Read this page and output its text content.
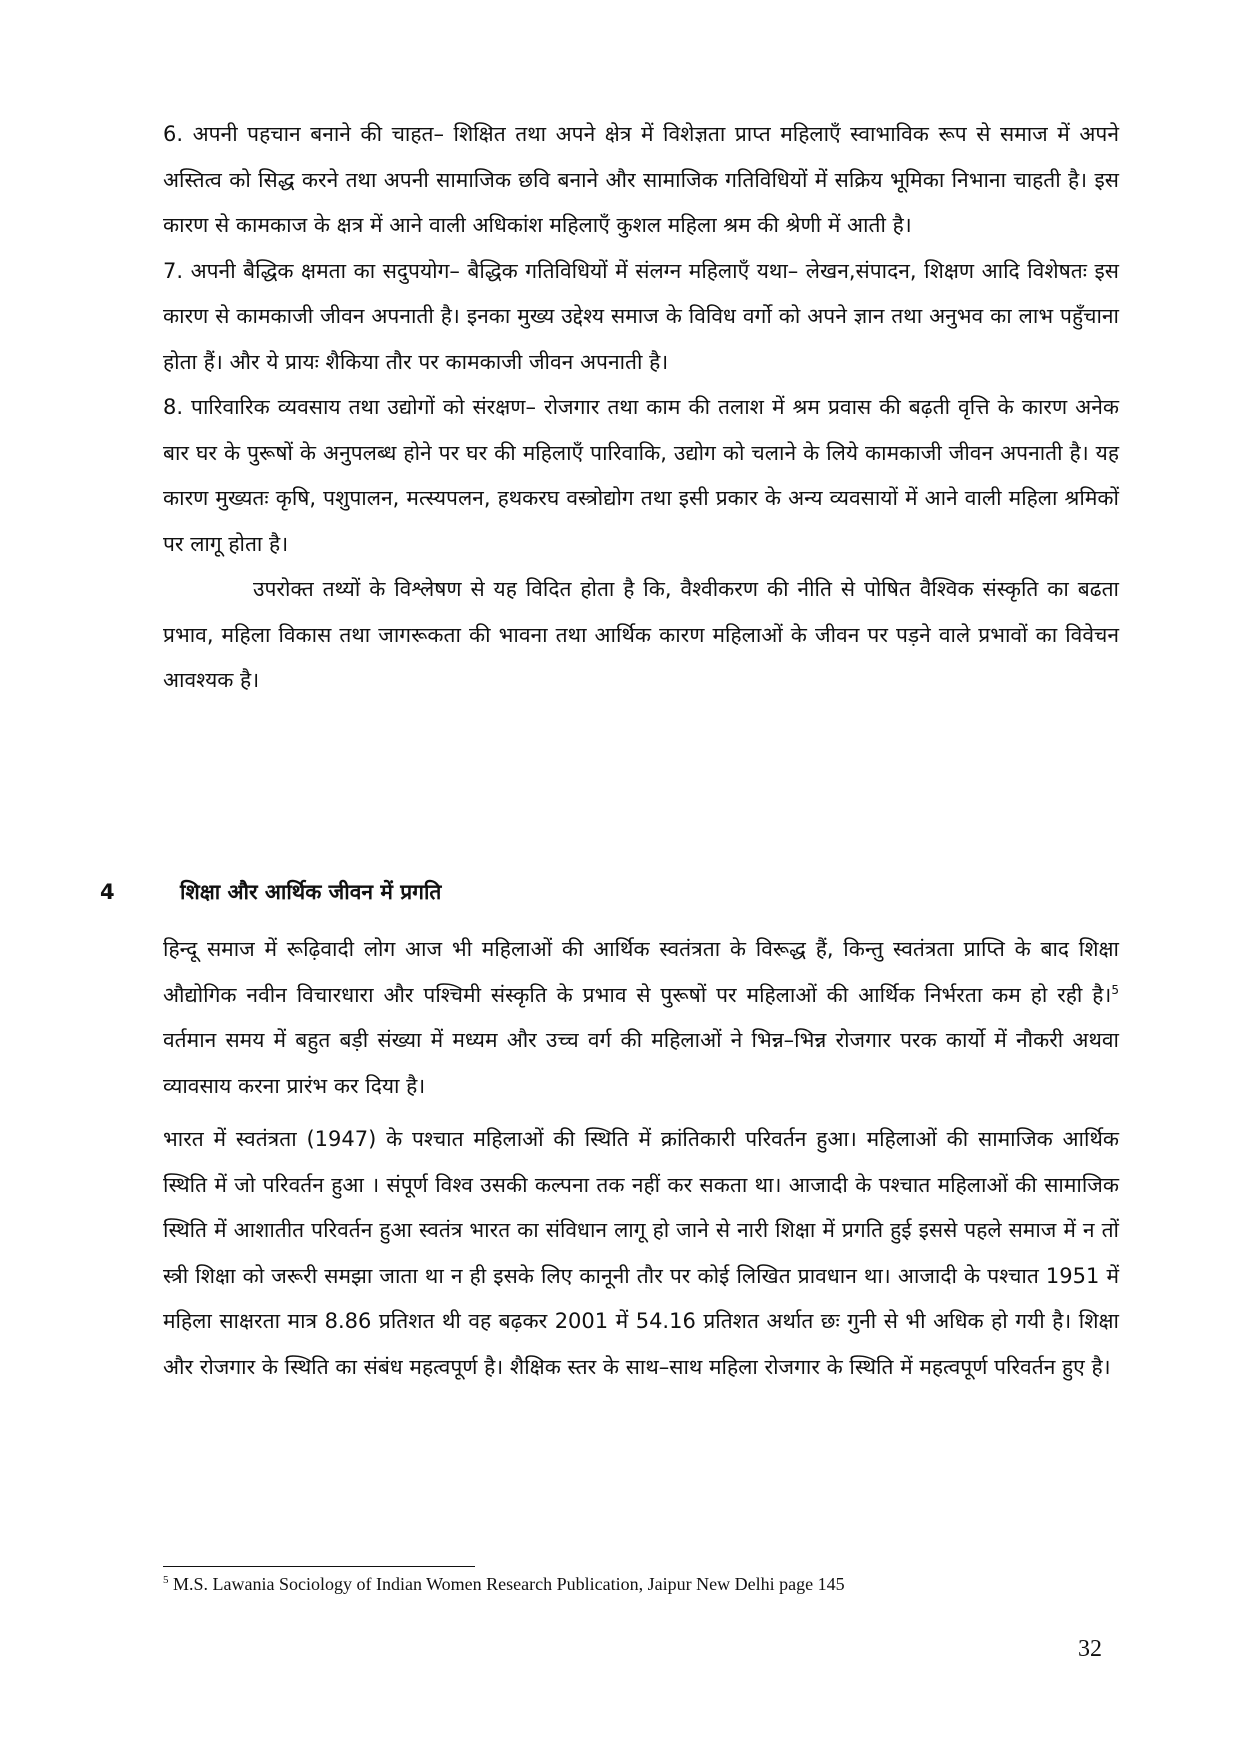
6. अपनी पहचान बनाने की चाहत– शिक्षित तथा अपने क्षेत्र में विशेज्ञता प्राप्त महिलाऍं स्वाभाविक रूप से समाज में अपने अस्तित्व को सिद्ध करने तथा अपनी सामाजिक छवि बनाने और सामाजिक गतिविधियों में सक्रिय भूमिका निभाना चाहती है। इस कारण से कामकाज के क्षत्र में आने वाली अधिकांश महिलाऍं कुशल महिला श्रम की श्रेणी में आती है।

7. अपनी बैद्धिक क्षमता का सदुपयोग– बैद्धिक गतिविधियों में संलग्न महिलाऍं यथा– लेखन,संपादन, शिक्षण आदि विशेषतः इस कारण से कामकाजी जीवन अपनाती है। इनका मुख्य उद्देश्य समाज के विविध वर्गो को अपने ज्ञान तथा अनुभव का लाभ पहुॅंचाना होता हैं। और ये प्रायः शैकिया तौर पर कामकाजी जीवन अपनाती है।

8. पारिवारिक व्यवसाय तथा उद्योगों को संरक्षण– रोजगार तथा काम की तलाश में श्रम प्रवास की बढ़ती वृत्ति के कारण अनेक बार घर के पुरूषों के अनुपलब्ध होने पर घर की महिलाऍं पारिवाकि, उद्योग को चलाने के लिये कामकाजी जीवन अपनाती है। यह कारण मुख्यतः कृषि, पशुपालन, मत्स्यपलन, हथकरघ वस्त्रोद्योग तथा इसी प्रकार के अन्य व्यवसायों में आने वाली महिला श्रमिकों पर लागू होता है।

उपरोक्त तथ्यों के विश्लेषण से यह विदित होता है कि, वैश्वीकरण की नीति से पोषित वैश्विक संस्कृति का बढता प्रभाव, महिला विकास तथा जागरूकता की भावना तथा आर्थिक कारण महिलाओं के जीवन पर पड़ने वाले प्रभावों का विवेचन आवश्यक है।

4	शिक्षा और आर्थिक जीवन में प्रगति

हिन्दू समाज में रूढ़िवादी लोग आज भी महिलाओं की आर्थिक स्वतंत्रता के विरूद्ध हैं, किन्तु स्वतंत्रता प्राप्ति के बाद शिक्षा औद्योगिक नवीन विचारधारा और पश्चिमी संस्कृति के प्रभाव से पुरूषों पर महिलाओं की आर्थिक निर्भरता कम हो रही है।$^5$ वर्तमान समय में बहुत बड़ी संख्या में मध्यम और उच्च वर्ग की महिलाओं ने भिन्न–भिन्न रोजगार परक कार्यो में नौकरी अथवा व्यावसाय करना प्रारंभ कर दिया है।

भारत में स्वतंत्रता (1947) के पश्चात महिलाओं की स्थिति में क्रांतिकारी परिवर्तन हुआ। महिलाओं की सामाजिक आर्थिक स्थिति में जो परिवर्तन हुआ । संपूर्ण विश्व उसकी कल्पना तक नहीं कर सकता था। आजादी के पश्चात महिलाओं की सामाजिक स्थिति में आशातीत परिवर्तन हुआ स्वतंत्र भारत का संविधान लागू हो जाने से नारी शिक्षा में प्रगति हुई इससे पहले समाज में न तों स्त्री शिक्षा को जरूरी समझा जाता था न ही इसके लिए कानूनी तौर पर कोई लिखित प्रावधान था। आजादी के पश्चात 1951 में महिला साक्षरता मात्र 8.86 प्रतिशत थी वह बढ़कर 2001 में 54.16 प्रतिशत अर्थात छः गुनी से भी अधिक हो गयी है। शिक्षा और रोजगार के स्थिति का संबंध महत्वपूर्ण है। शैक्षिक स्तर के साथ–साथ महिला रोजगार के स्थिति में महत्वपूर्ण परिवर्तन हुए है।

$^5$ M.S. Lawania Sociology of Indian Women Research Publication, Jaipur New Delhi page 145
32
